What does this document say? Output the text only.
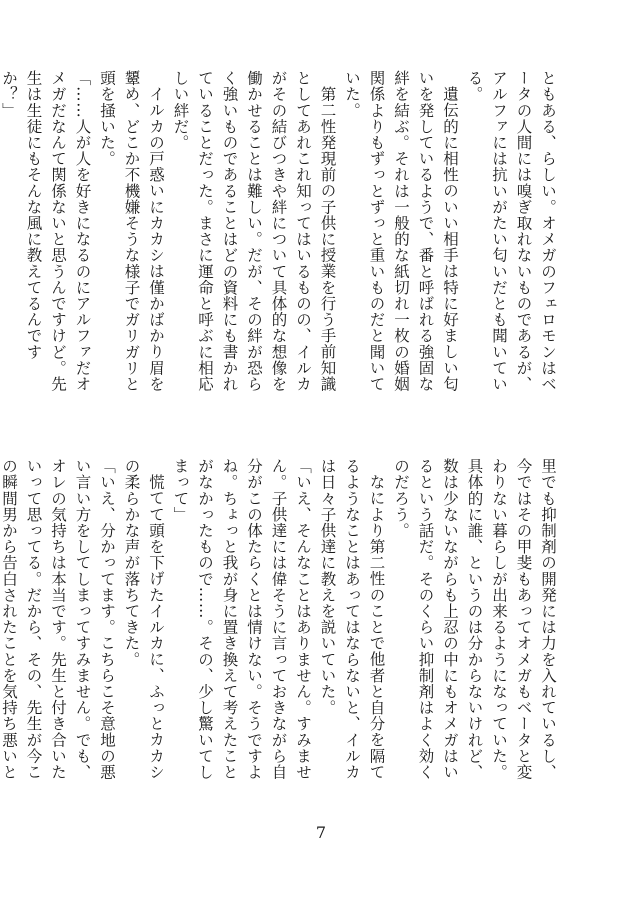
ともある、らしい。オメガのフェロモンはベータの人間には嗅ぎ取れないものであるが、アルファには抗いがたい匂いだとも聞いている。

遺伝的に相性のいい相手は特に好ましい匂いを発しているようで、番と呼ばれる強固な絆を結ぶ。それは一般的な紙切れ一枚の婚姻関係よりもずっとずっと重いものだと聞いていた。

第二性発現前の子供に授業を行う手前知識としてあれこれ知ってはいるものの、イルカがその結びつきや絆について具体的な想像を働かせることは難しい。だが、その絆が恐らく強いものであることはどの資料にも書かれていることだった。まさに運命と呼ぶに相応しい絆だ。

イルカの戸惑いにカカシは僅かばかり眉を顰め、どこか不機嫌そうな様子でガリガリと頭を掻いた。

「……人が人を好きになるのにアルファだオメガだなんて関係ないと思うんですけど。先生は生徒にもそんな風に教えてるんですか？」

里でも抑制剤の開発には力を入れているし、今ではその甲斐もあってオメガもベータと変わりない暮らしが出来るようになっていた。具体的に誰、というのは分からないけれど、数は少ないながらも上忍の中にもオメガはいるという話だ。そのくらい抑制剤はよく効くのだろう。

なにより第二性のことで他者と自分を隔てるようなことはあってはならないと、イルカは日々子供達に教えを説いていた。

「いえ、そんなことはありません。すみません。子供達には偉そうに言っておきながら自分がこの体たらくとは情けない。そうですよね。ちょっと我が身に置き換えて考えたことがなかったもので……。その、少し驚いてしまって」

慌てて頭を下げたイルカに、ふっとカカシの柔らかな声が落ちてきた。

「いえ、分かってます。こちらこそ意地の悪い言い方をしてしまってすみません。でも、オレの気持ちは本当です。先生と付き合いたいって思ってる。だから、その、先生が今この瞬間男から告白されたことを気持ち悪いと

7
